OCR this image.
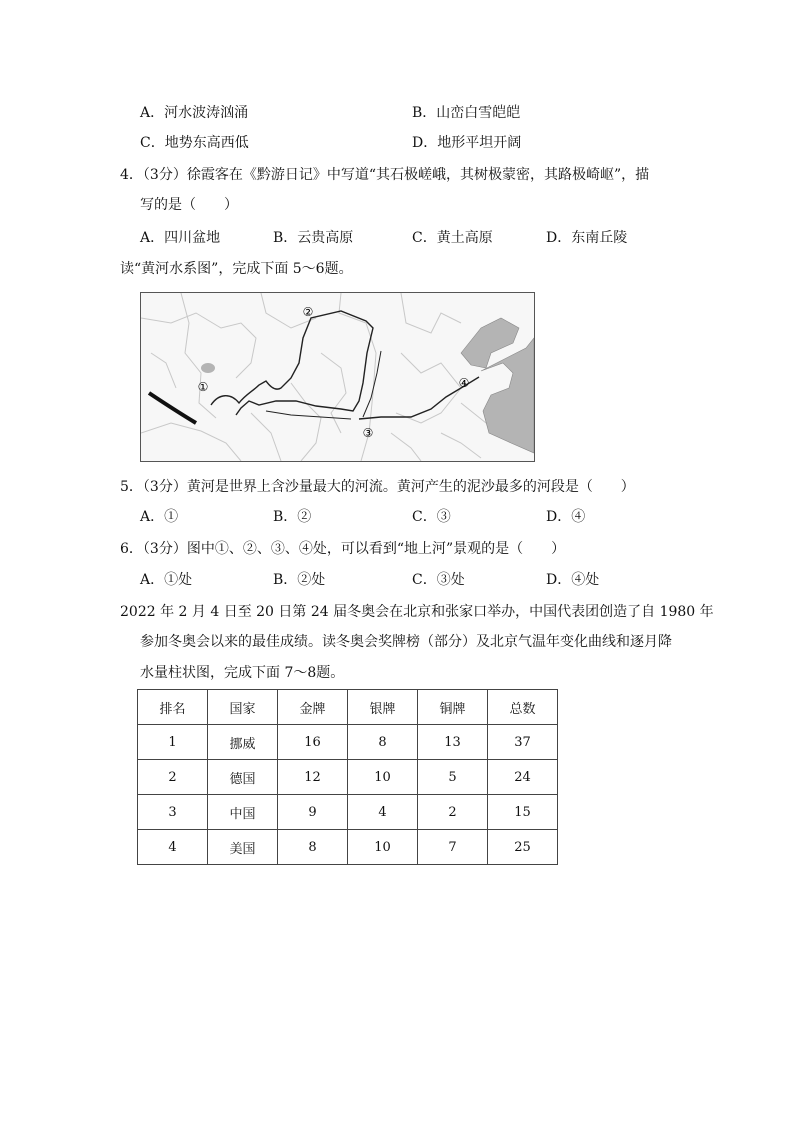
A．河水波涛汹涌	B．山峦白雪皑皑
C．地势东高西低	D．地形平坦开阔
4．（3分）徐霞客在《黔游日记》中写道“其石极嵯峨，其树极蒙密，其路极崎岖”，描
写的是（　　）
A．四川盆地	B．云贵高原	C．黄土高原	D．东南丘陵
读“黄河水系图”，完成下面 5～6题。
①
②
③
④
5．（3分）黄河是世界上含沙量最大的河流。黄河产生的泥沙最多的河段是（　　）
A．①	B．②	C．③	D．④
6．（3分）图中①、②、③、④处，可以看到“地上河”景观的是（　　）
A．①处	B．②处	C．③处	D．④处
2022 年 2 月 4 日至 20 日第 24 届冬奥会在北京和张家口举办，中国代表团创造了自 1980 年
参加冬奥会以来的最佳成绩。读冬奥会奖牌榜（部分）及北京气温年变化曲线和逐月降
水量柱状图，完成下面 7～8题。
排名	国家	金牌	银牌	铜牌	总数
1	挪威	16	8	13	37
2	德国	12	10	5	24
3	中国	9	4	2	15
4	美国	8	10	7	25
